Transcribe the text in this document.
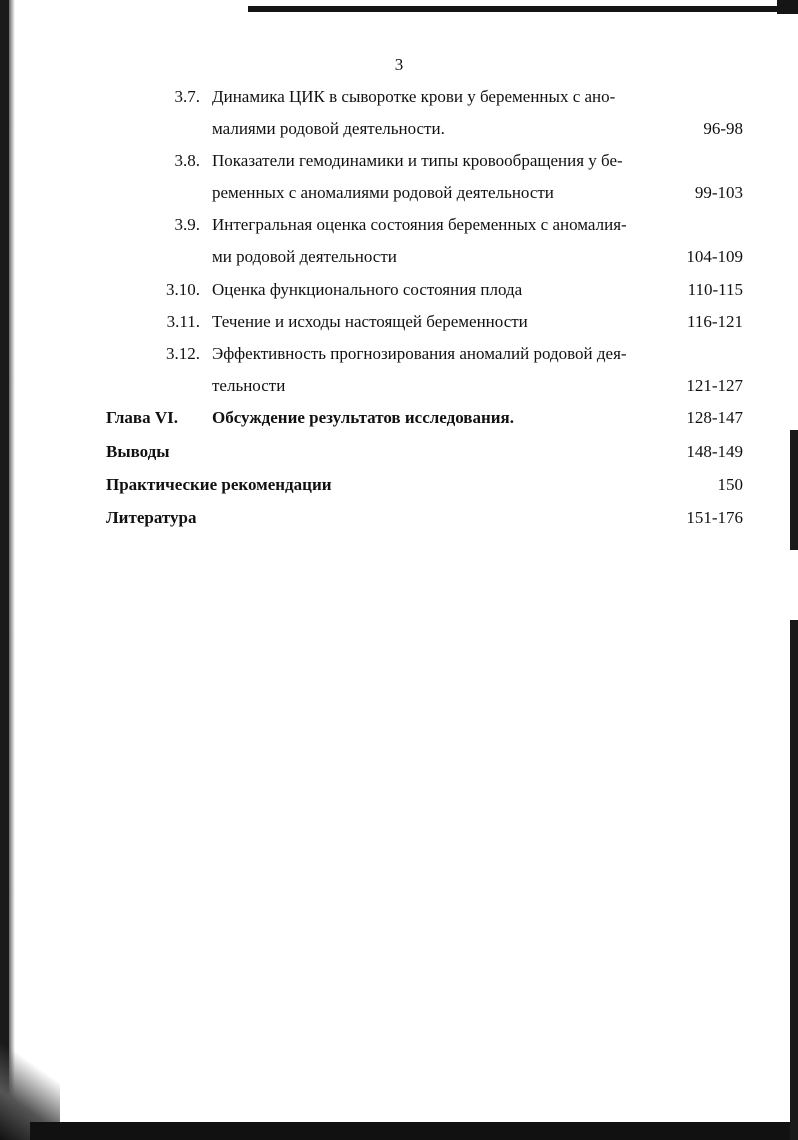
3
3.7. Динамика ЦИК в сыворотке крови у беременных с ано-
малиями родовой деятельности.	96-98
3.8. Показатели гемодинамики и типы кровообращения у бе-
ременных с аномалиями родовой деятельности	99-103
3.9. Интегральная оценка состояния беременных с аномалия-
ми родовой деятельности	104-109
3.10. Оценка функционального состояния плода	110-115
3.11. Течение и исходы настоящей беременности	116-121
3.12. Эффективность прогнозирования аномалий родовой дея-
тельности	121-127
Глава VI. Обсуждение результатов исследования.	128-147
Выводы	148-149
Практические рекомендации	150
Литература	151-176
